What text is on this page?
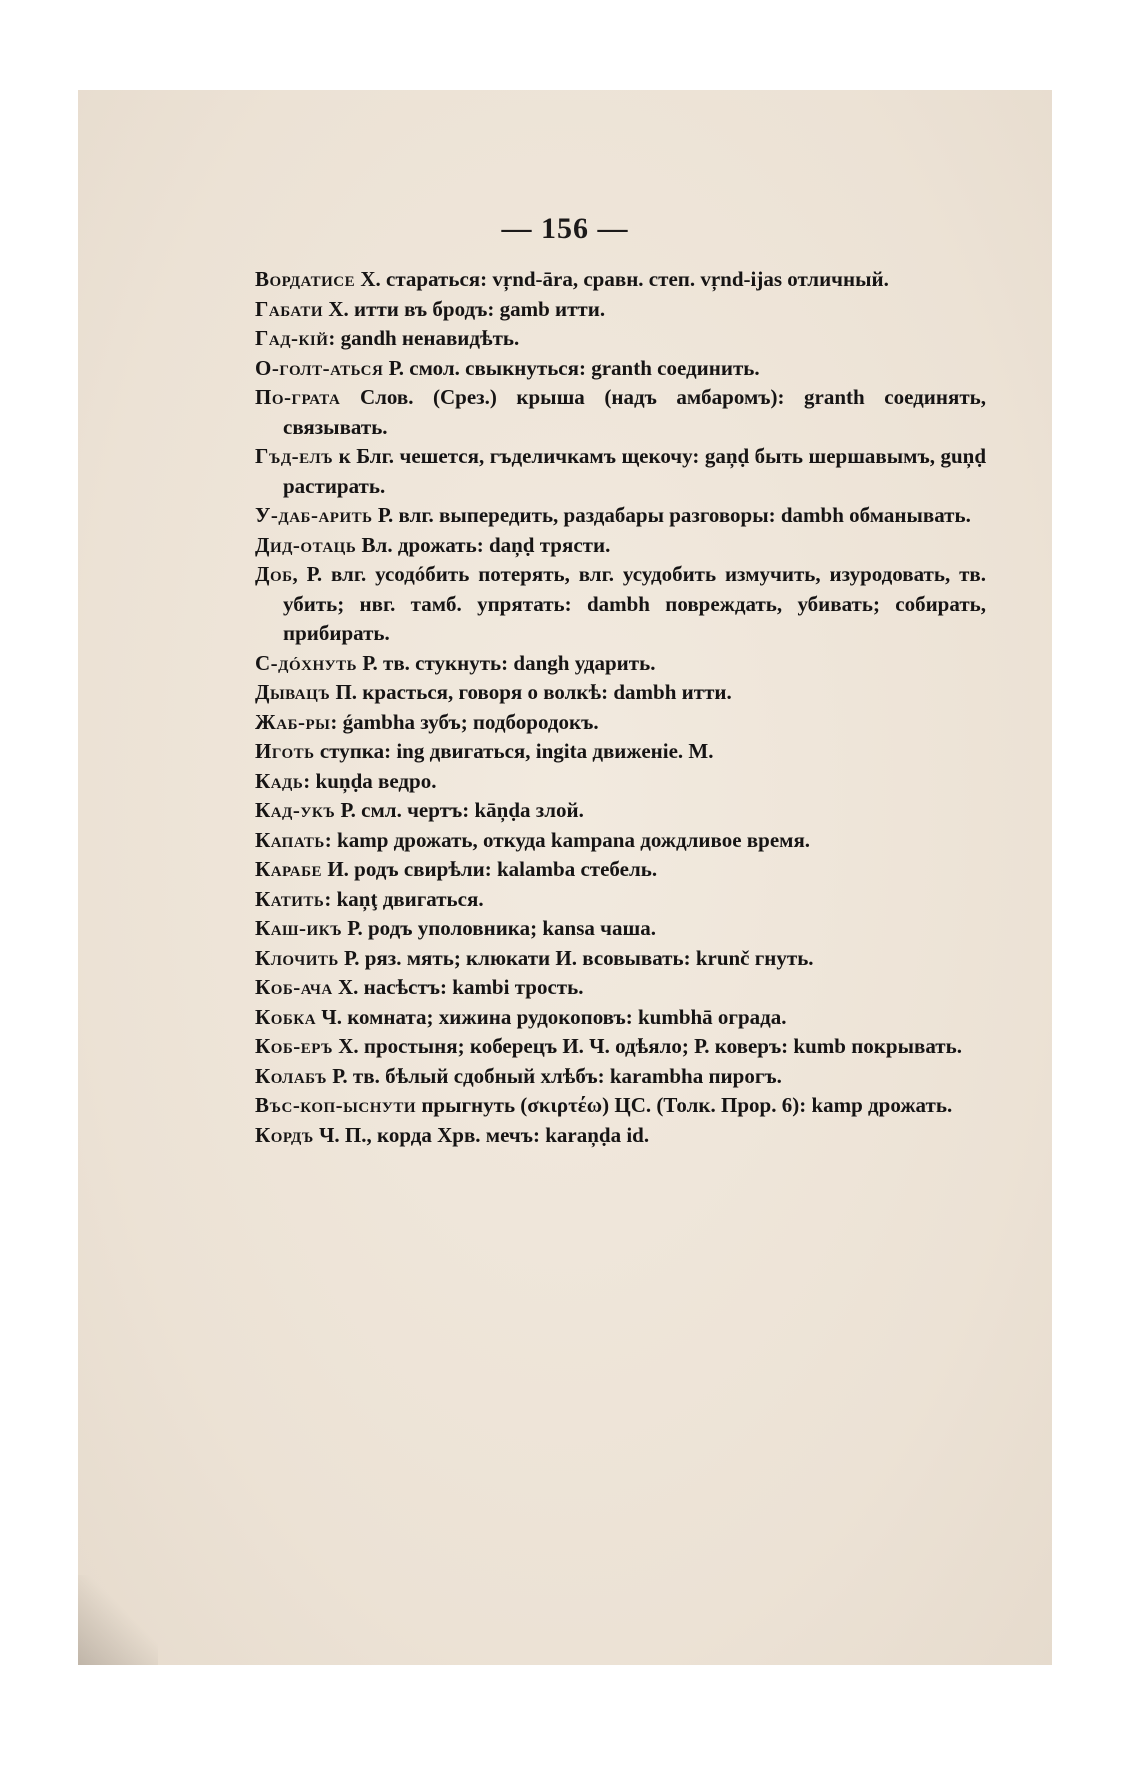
— 156 —
Вордатисе Х. стараться: vŗnd-āra, сравн. степ. vŗnd-ijas отличный.
Габати Х. итти въ бродъ: gamb итти.
Гад-кій: gandh ненавидѣть.
О-голт-аться Р. смол. свыкнуться: granth соединить.
По-грата Слов. (Срез.) крыша (надъ амбаромъ): granth соединять, связывать.
Гъд-елъ к Блг. чешется, гъделичкамъ щекочу: gaņḍ быть шершавымъ, guņḍ растирать.
У-даб-арить Р. влг. выпередить, раздабары разговоры: dambh обманывать.
Дид-отаць Вл. дрожать: daņḍ трясти.
Доб, Р. влг. усодóбить потерять, влг. усудобить измучить, изуродовать, тв. убить; нвг. тамб. упрятать: dambh повреждать, убивать; собирать, прибирать.
С-дóхнуть Р. тв. стукнуть: dangh ударить.
Дывацъ П. красться, говоря о волкѣ: dambh итти.
Жаб-ры: ǵambha зубъ; подбородокъ.
Иготь ступка: ing двигаться, ingita движеніе. М.
Кадь: kuņḍa ведро.
Кад-укъ Р. смл. чертъ: kāņḍa злой.
Капать: kamp дрожать, откуда kampana дождливое время.
Карабе И. родъ свирѣли: kalamba стебель.
Катить: kaņţ двигаться.
Каш-икъ Р. родъ уполовника; kansa чаша.
Клочить Р. ряз. мять; клюкати И. всовывать: krunč гнуть.
Коб-ача Х. насѣстъ: kambi трость.
Кобка Ч. комната; хижина рудокоповъ: kumbhā ограда.
Коб-еръ Х. простыня; коберецъ И. Ч. одѣяло; Р. коверъ: kumb покрывать.
Колабъ Р. тв. бѣлый сдобный хлѣбъ: karambha пирогъ.
Въс-коп-ыснути прыгнуть (σκιρτέω) ЦС. (Толк. Прор. 6): kamp дрожать.
Кордъ Ч. П., корда Хрв. мечъ: karaņḍa id.
